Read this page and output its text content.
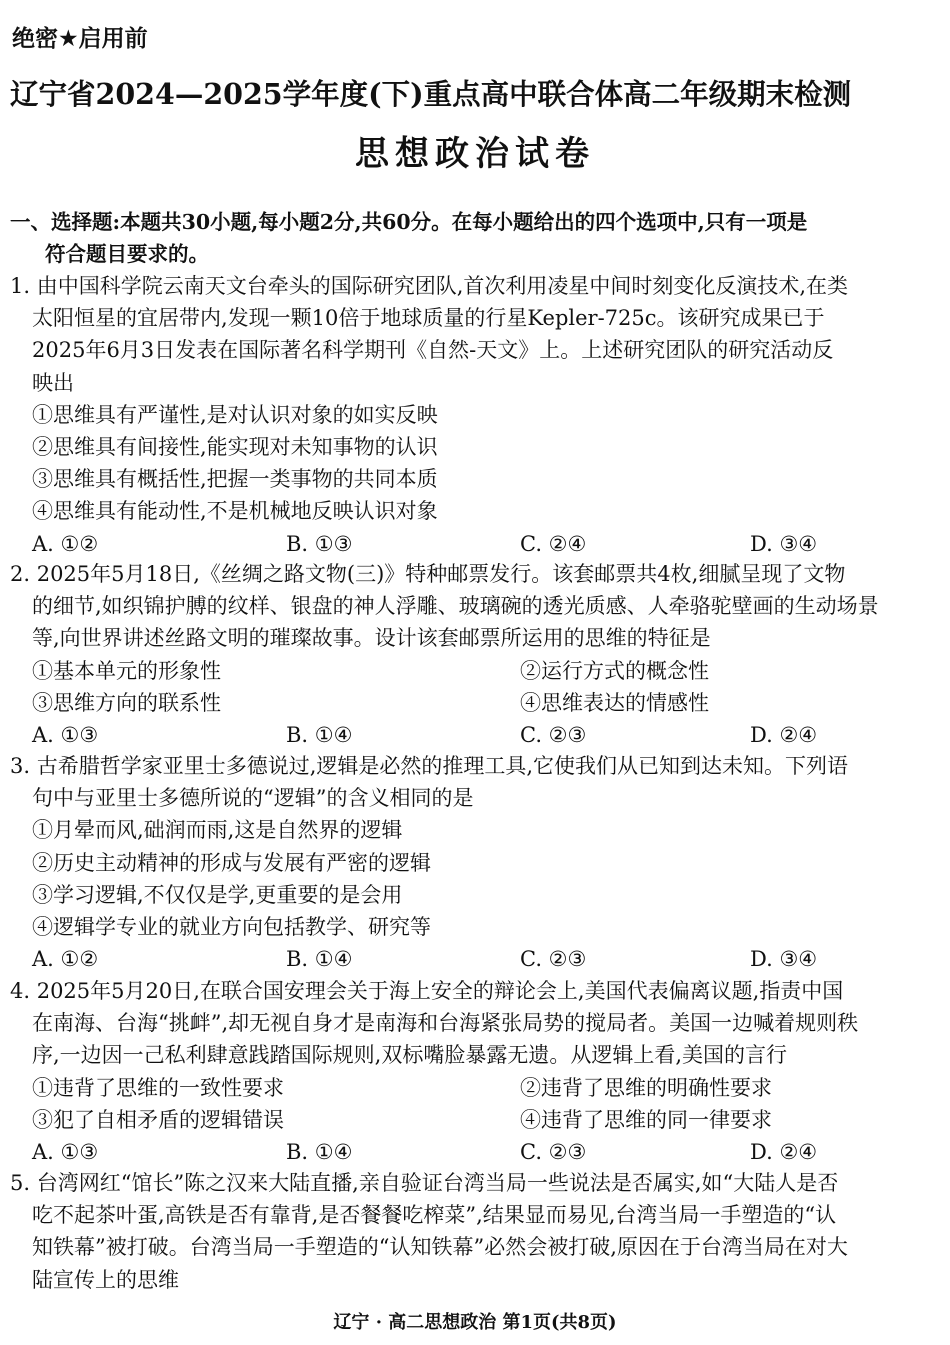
绝密★启用前
辽宁省2024—2025学年度(下)重点高中联合体高二年级期末检测
思想政治试卷
一、选择题:本题共30小题,每小题2分,共60分。在每小题给出的四个选项中,只有一项是
符合题目要求的。
1. 由中国科学院云南天文台牵头的国际研究团队,首次利用凌星中间时刻变化反演技术,在类
太阳恒星的宜居带内,发现一颗10倍于地球质量的行星Kepler-725c。该研究成果已于
2025年6月3日发表在国际著名科学期刊《自然-天文》上。上述研究团队的研究活动反
映出
①思维具有严谨性,是对认识对象的如实反映
②思维具有间接性,能实现对未知事物的认识
③思维具有概括性,把握一类事物的共同本质
④思维具有能动性,不是机械地反映认识对象
A. ①②	B. ①③	C. ②④	D. ③④
2. 2025年5月18日,《丝绸之路文物(三)》特种邮票发行。该套邮票共4枚,细腻呈现了文物
的细节,如织锦护膊的纹样、银盘的神人浮雕、玻璃碗的透光质感、人牵骆驼壁画的生动场景
等,向世界讲述丝路文明的璀璨故事。设计该套邮票所运用的思维的特征是
①基本单元的形象性	②运行方式的概念性
③思维方向的联系性	④思维表达的情感性
A. ①③	B. ①④	C. ②③	D. ②④
3. 古希腊哲学家亚里士多德说过,逻辑是必然的推理工具,它使我们从已知到达未知。下列语
句中与亚里士多德所说的“逻辑”的含义相同的是
①月晕而风,础润而雨,这是自然界的逻辑
②历史主动精神的形成与发展有严密的逻辑
③学习逻辑,不仅仅是学,更重要的是会用
④逻辑学专业的就业方向包括教学、研究等
A. ①②	B. ①④	C. ②③	D. ③④
4. 2025年5月20日,在联合国安理会关于海上安全的辩论会上,美国代表偏离议题,指责中国
在南海、台海“挑衅”,却无视自身才是南海和台海紧张局势的搅局者。美国一边喊着规则秩
序,一边因一己私利肆意践踏国际规则,双标嘴脸暴露无遗。从逻辑上看,美国的言行
①违背了思维的一致性要求	②违背了思维的明确性要求
③犯了自相矛盾的逻辑错误	④违背了思维的同一律要求
A. ①③	B. ①④	C. ②③	D. ②④
5. 台湾网红“馆长”陈之汉来大陆直播,亲自验证台湾当局一些说法是否属实,如“大陆人是否
吃不起茶叶蛋,高铁是否有靠背,是否餐餐吃榨菜”,结果显而易见,台湾当局一手塑造的“认
知铁幕”被打破。台湾当局一手塑造的“认知铁幕”必然会被打破,原因在于台湾当局在对大
陆宣传上的思维
辽宁 · 高二思想政治 第1页(共8页)
